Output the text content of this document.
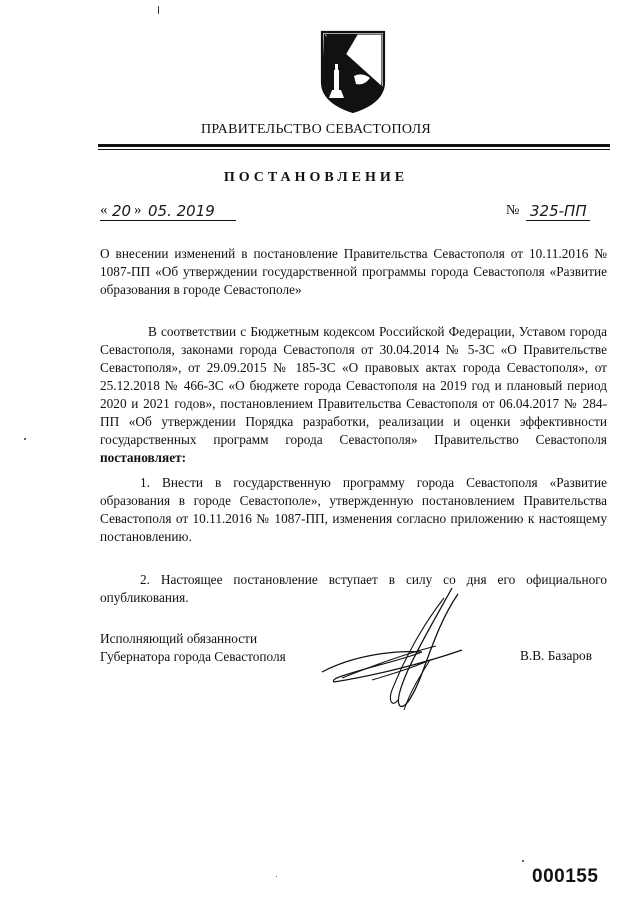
ПРАВИТЕЛЬСТВО СЕВАСТОПОЛЯ
ПОСТАНОВЛЕНИЕ
« 20 » 05. 2019	№ 325-ПП
О внесении изменений в постановление Правительства Севастополя от 10.11.2016 № 1087-ПП «Об утверждении государственной программы города Севастополя «Развитие образования в городе Севастополе»
В соответствии с Бюджетным кодексом Российской Федерации, Уставом города Севастополя, законами города Севастополя от 30.04.2014 № 5-ЗС «О Правительстве Севастополя», от 29.09.2015 № 185-ЗС «О правовых актах города Севастополя», от 25.12.2018 № 466-ЗС «О бюджете города Севастополя на 2019 год и плановый период 2020 и 2021 годов», постановлением Правительства Севастополя от 06.04.2017 № 284-ПП «Об утверждении Порядка разработки, реализации и оценки эффективности государственных программ города Севастополя» Правительство Севастополя постановляет:
1. Внести в государственную программу города Севастополя «Развитие образования в городе Севастополе», утвержденную постановлением Правительства Севастополя от 10.11.2016 № 1087-ПП, изменения согласно приложению к настоящему постановлению.
2. Настоящее постановление вступает в силу со дня его официального опубликования.
Исполняющий обязанности
Губернатора города Севастополя	В.В. Базаров
000155
